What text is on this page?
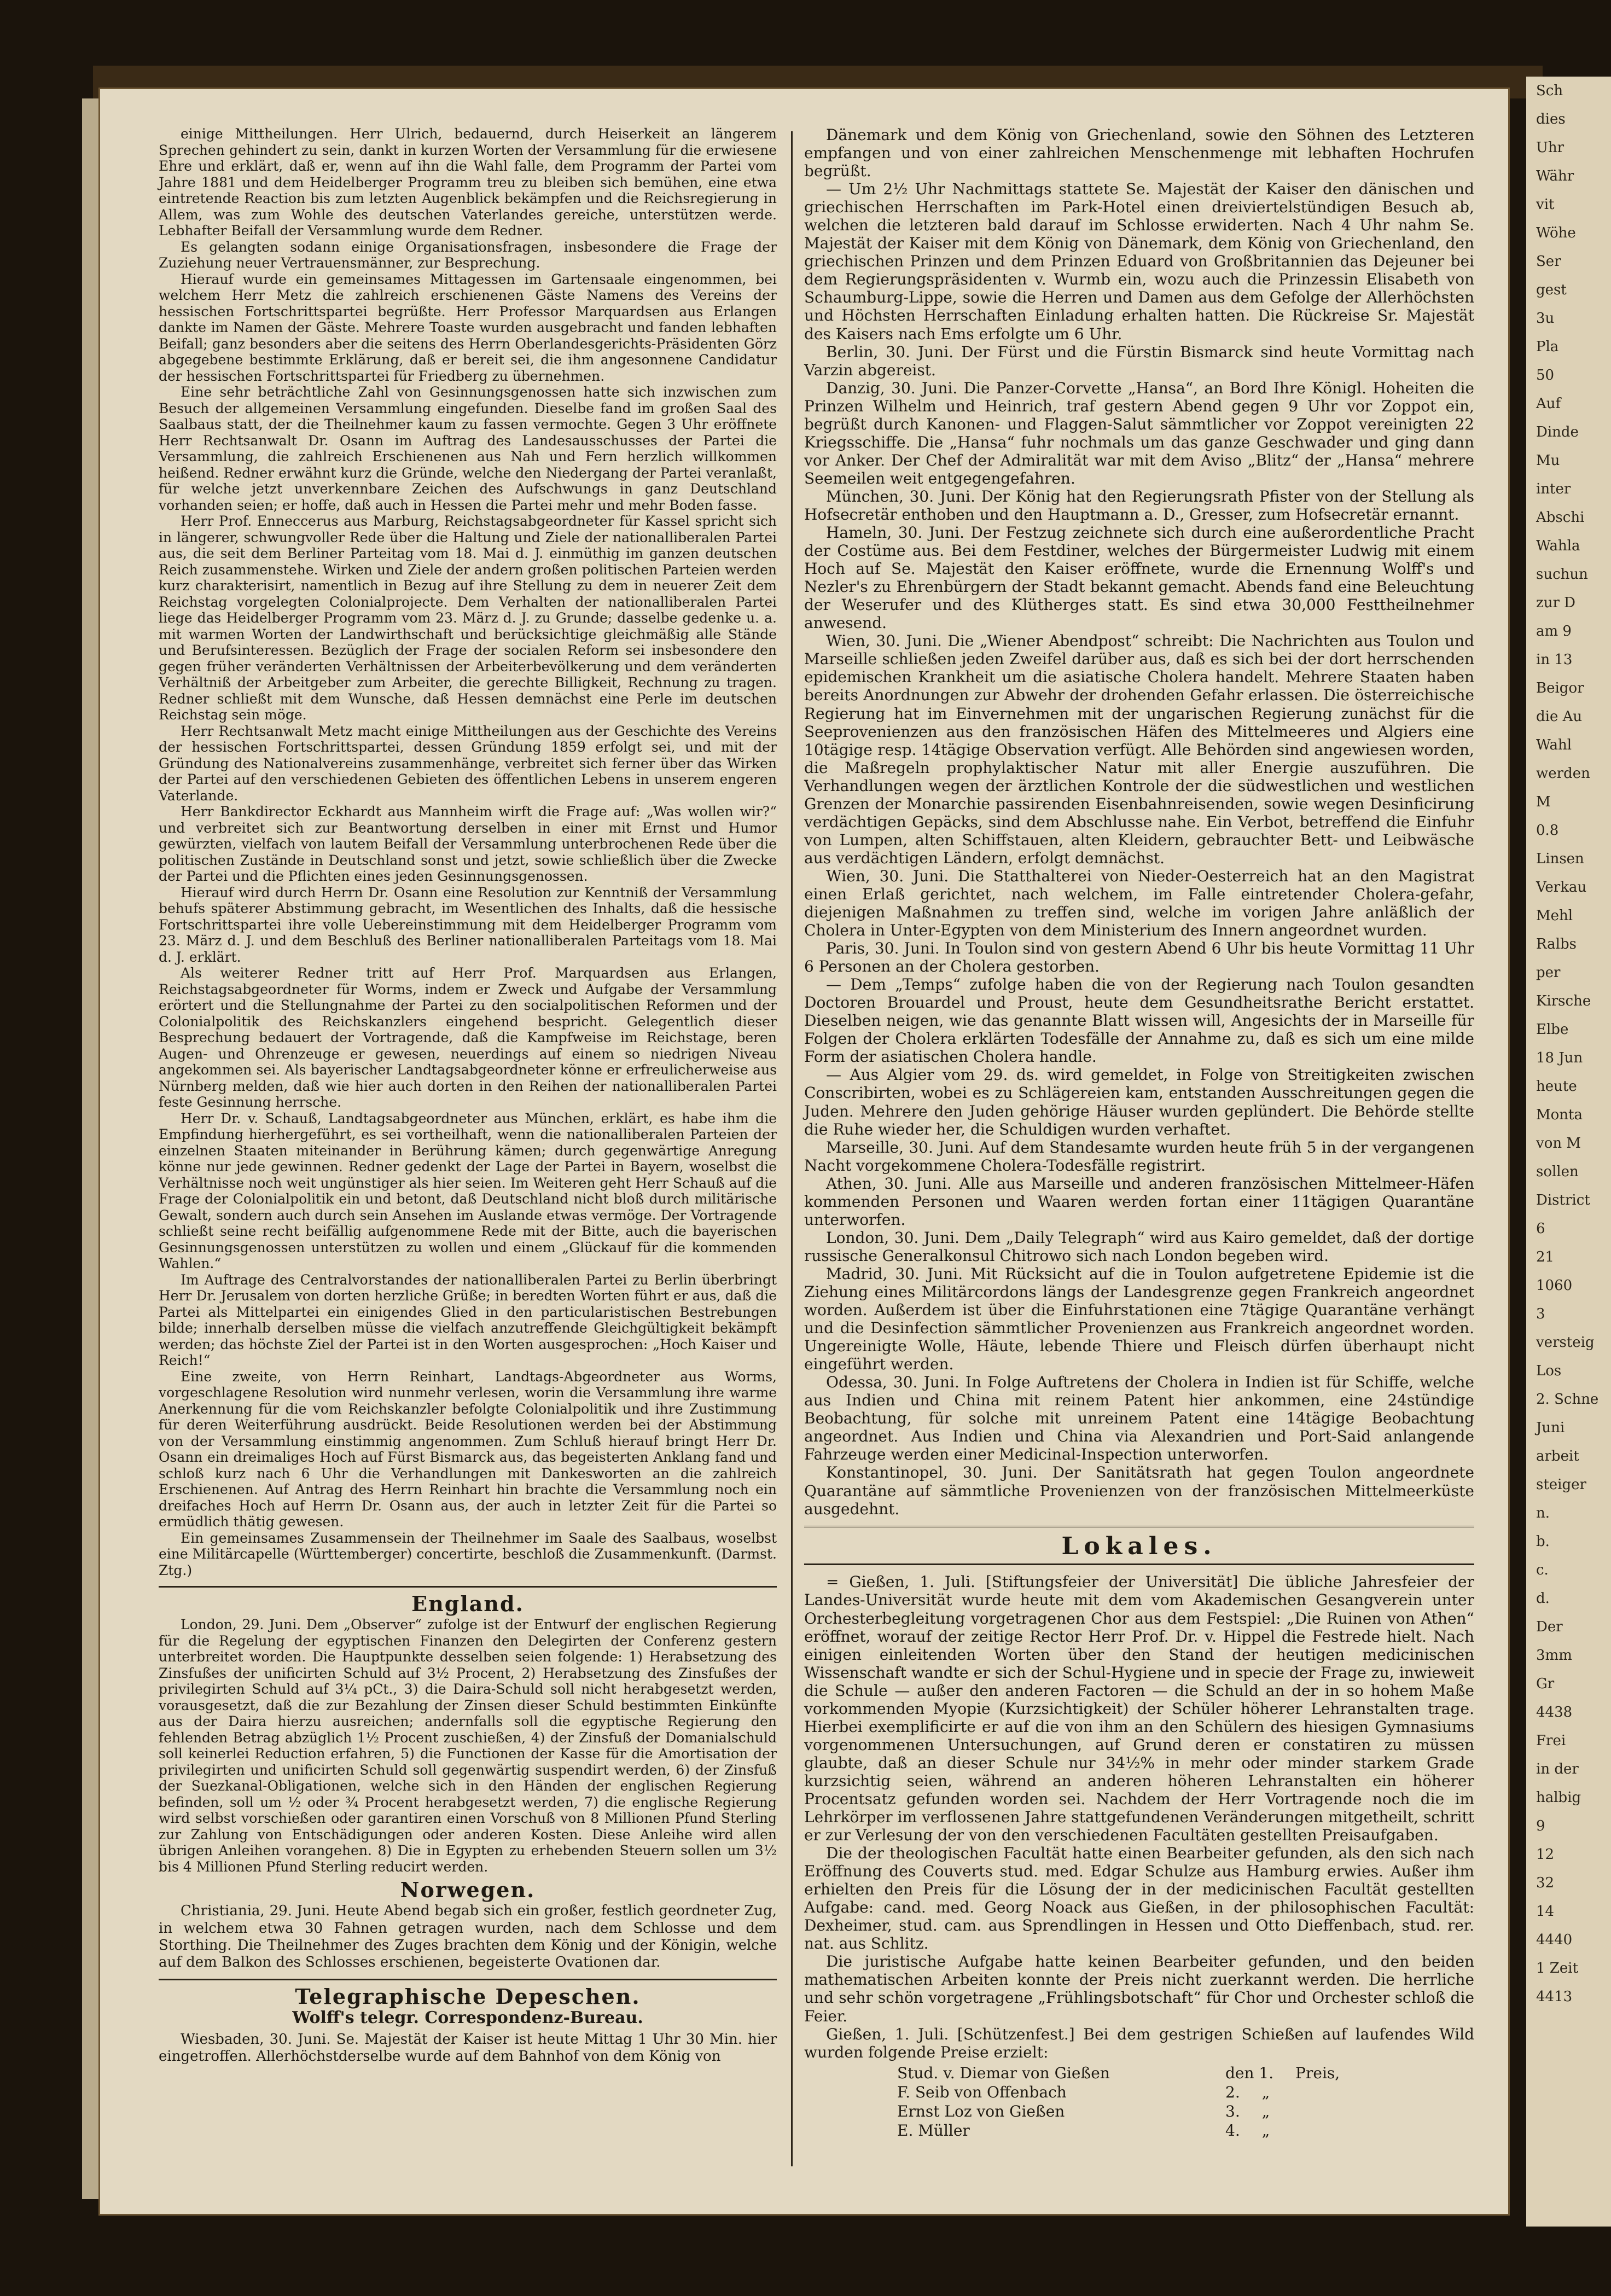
Sch
dies
Uhr
Währ
vit
Wöhe
Ser
gest
3u
Pla
50
Auf
Dinde
Mu
inter
Abschi
Wahla
suchun
zur D
am 9
in 13
Beigor
die Au
Wahl
werden
M
0.8
Linsen
Verkau
Mehl
Ralbs
per
Kirsche
Elbe
18 Jun
heute
Monta
von M
sollen
District
6
21
1060
3
versteig
Los
2. Schne
Juni
arbeit
steiger
n.
b.
c.
d.
Der
3mm
Gr
4438
Frei
in der
halbig
9
12
32
14
4440
1 Zeit
4413

einige Mittheilungen. Herr Ulrich, bedauernd, durch Heiserkeit an längerem Sprechen gehindert zu sein, dankt in kurzen Worten der Versammlung für die erwiesene Ehre und erklärt, daß er, wenn auf ihn die Wahl falle, dem Programm der Partei vom Jahre 1881 und dem Heidelberger Programm treu zu bleiben sich bemühen, eine etwa eintretende Reaction bis zum letzten Augenblick bekämpfen und die Reichsregierung in Allem, was zum Wohle des deutschen Vaterlandes gereiche, unterstützen werde. Lebhafter Beifall der Versammlung wurde dem Redner.

Es gelangten sodann einige Organisationsfragen, insbesondere die Frage der Zuziehung neuer Vertrauensmänner, zur Besprechung.

Hierauf wurde ein gemeinsames Mittagessen im Gartensaale eingenommen, bei welchem Herr Metz die zahlreich erschienenen Gäste Namens des Vereins der hessischen Fortschrittspartei begrüßte. Herr Professor Marquardsen aus Erlangen dankte im Namen der Gäste. Mehrere Toaste wurden ausgebracht und fanden lebhaften Beifall; ganz besonders aber die seitens des Herrn Oberlandesgerichts-Präsidenten Görz abgegebene bestimmte Erklärung, daß er bereit sei, die ihm angesonnene Candidatur der hessischen Fortschrittspartei für Friedberg zu übernehmen.

Eine sehr beträchtliche Zahl von Gesinnungsgenossen hatte sich inzwischen zum Besuch der allgemeinen Versammlung eingefunden. Dieselbe fand im großen Saal des Saalbaus statt, der die Theilnehmer kaum zu fassen vermochte. Gegen 3 Uhr eröffnete Herr Rechtsanwalt Dr. Osann im Auftrag des Landesausschusses der Partei die Versammlung, die zahlreich Erschienenen aus Nah und Fern herzlich willkommen heißend. Redner erwähnt kurz die Gründe, welche den Niedergang der Partei veranlaßt, für welche jetzt unverkennbare Zeichen des Aufschwungs in ganz Deutschland vorhanden seien; er hoffe, daß auch in Hessen die Partei mehr und mehr Boden fasse.

Herr Prof. Enneccerus aus Marburg, Reichstagsabgeordneter für Kassel spricht sich in längerer, schwungvoller Rede über die Haltung und Ziele der nationalliberalen Partei aus, die seit dem Berliner Parteitag vom 18. Mai d. J. einmüthig im ganzen deutschen Reich zusammenstehe. Wirken und Ziele der andern großen politischen Parteien werden kurz charakterisirt, namentlich in Bezug auf ihre Stellung zu dem in neuerer Zeit dem Reichstag vorgelegten Colonialprojecte. Dem Verhalten der nationalliberalen Partei liege das Heidelberger Programm vom 23. März d. J. zu Grunde; dasselbe gedenke u. a. mit warmen Worten der Landwirthschaft und berücksichtige gleichmäßig alle Stände und Berufsinteressen. Bezüglich der Frage der socialen Reform sei insbesondere den gegen früher veränderten Verhältnissen der Arbeiterbevölkerung und dem veränderten Verhältniß der Arbeitgeber zum Arbeiter, die gerechte Billigkeit, Rechnung zu tragen. Redner schließt mit dem Wunsche, daß Hessen demnächst eine Perle im deutschen Reichstag sein möge.

Herr Rechtsanwalt Metz macht einige Mittheilungen aus der Geschichte des Vereins der hessischen Fortschrittspartei, dessen Gründung 1859 erfolgt sei, und mit der Gründung des Nationalvereins zusammenhänge, verbreitet sich ferner über das Wirken der Partei auf den verschiedenen Gebieten des öffentlichen Lebens in unserem engeren Vaterlande.

Herr Bankdirector Eckhardt aus Mannheim wirft die Frage auf: „Was wollen wir?“ und verbreitet sich zur Beantwortung derselben in einer mit Ernst und Humor gewürzten, vielfach von lautem Beifall der Versammlung unterbrochenen Rede über die politischen Zustände in Deutschland sonst und jetzt, sowie schließlich über die Zwecke der Partei und die Pflichten eines jeden Gesinnungsgenossen.

Hierauf wird durch Herrn Dr. Osann eine Resolution zur Kenntniß der Versammlung behufs späterer Abstimmung gebracht, im Wesentlichen des Inhalts, daß die hessische Fortschrittspartei ihre volle Uebereinstimmung mit dem Heidelberger Programm vom 23. März d. J. und dem Beschluß des Berliner nationalliberalen Parteitags vom 18. Mai d. J. erklärt.

Als weiterer Redner tritt auf Herr Prof. Marquardsen aus Erlangen, Reichstagsabgeordneter für Worms, indem er Zweck und Aufgabe der Versammlung erörtert und die Stellungnahme der Partei zu den socialpolitischen Reformen und der Colonialpolitik des Reichskanzlers eingehend bespricht. Gelegentlich dieser Besprechung bedauert der Vortragende, daß die Kampfweise im Reichstage, beren Augen- und Ohrenzeuge er gewesen, neuerdings auf einem so niedrigen Niveau angekommen sei. Als bayerischer Landtagsabgeordneter könne er erfreulicherweise aus Nürnberg melden, daß wie hier auch dorten in den Reihen der nationalliberalen Partei feste Gesinnung herrsche.

Herr Dr. v. Schauß, Landtagsabgeordneter aus München, erklärt, es habe ihm die Empfindung hierhergeführt, es sei vortheilhaft, wenn die nationalliberalen Parteien der einzelnen Staaten miteinander in Berührung kämen; durch gegenwärtige Anregung könne nur jede gewinnen. Redner gedenkt der Lage der Partei in Bayern, woselbst die Verhältnisse noch weit ungünstiger als hier seien. Im Weiteren geht Herr Schauß auf die Frage der Colonialpolitik ein und betont, daß Deutschland nicht bloß durch militärische Gewalt, sondern auch durch sein Ansehen im Auslande etwas vermöge. Der Vortragende schließt seine recht beifällig aufgenommene Rede mit der Bitte, auch die bayerischen Gesinnungsgenossen unterstützen zu wollen und einem „Glückauf für die kommenden Wahlen.“

Im Auftrage des Centralvorstandes der nationalliberalen Partei zu Berlin überbringt Herr Dr. Jerusalem von dorten herzliche Grüße; in beredten Worten führt er aus, daß die Partei als Mittelpartei ein einigendes Glied in den particularistischen Bestrebungen bilde; innerhalb derselben müsse die vielfach anzutreffende Gleichgültigkeit bekämpft werden; das höchste Ziel der Partei ist in den Worten ausgesprochen: „Hoch Kaiser und Reich!“

Eine zweite, von Herrn Reinhart, Landtags-Abgeordneter aus Worms, vorgeschlagene Resolution wird nunmehr verlesen, worin die Versammlung ihre warme Anerkennung für die vom Reichskanzler befolgte Colonialpolitik und ihre Zustimmung für deren Weiterführung ausdrückt. Beide Resolutionen werden bei der Abstimmung von der Versammlung einstimmig angenommen. Zum Schluß hierauf bringt Herr Dr. Osann ein dreimaliges Hoch auf Fürst Bismarck aus, das begeisterten Anklang fand und schloß kurz nach 6 Uhr die Verhandlungen mit Dankesworten an die zahlreich Erschienenen. Auf Antrag des Herrn Reinhart hin brachte die Versammlung noch ein dreifaches Hoch auf Herrn Dr. Osann aus, der auch in letzter Zeit für die Partei so ermüdlich thätig gewesen.

Ein gemeinsames Zusammensein der Theilnehmer im Saale des Saalbaus, woselbst eine Militärcapelle (Württemberger) concertirte, beschloß die Zusammenkunft. (Darmst. Ztg.)

England.

London, 29. Juni. Dem „Observer“ zufolge ist der Entwurf der englischen Regierung für die Regelung der egyptischen Finanzen den Delegirten der Conferenz gestern unterbreitet worden. Die Hauptpunkte desselben seien folgende: 1) Herabsetzung des Zinsfußes der unificirten Schuld auf 3½ Procent, 2) Herabsetzung des Zinsfußes der privilegirten Schuld auf 3¼ pCt., 3) die Daira-Schuld soll nicht herabgesetzt werden, vorausgesetzt, daß die zur Bezahlung der Zinsen dieser Schuld bestimmten Einkünfte aus der Daira hierzu ausreichen; andernfalls soll die egyptische Regierung den fehlenden Betrag abzüglich 1½ Procent zuschießen, 4) der Zinsfuß der Domanialschuld soll keinerlei Reduction erfahren, 5) die Functionen der Kasse für die Amortisation der privilegirten und unificirten Schuld soll gegenwärtig suspendirt werden, 6) der Zinsfuß der Suezkanal-Obligationen, welche sich in den Händen der englischen Regierung befinden, soll um ½ oder ¾ Procent herabgesetzt werden, 7) die englische Regierung wird selbst vorschießen oder garantiren einen Vorschuß von 8 Millionen Pfund Sterling zur Zahlung von Entschädigungen oder anderen Kosten. Diese Anleihe wird allen übrigen Anleihen vorangehen. 8) Die in Egypten zu erhebenden Steuern sollen um 3½ bis 4 Millionen Pfund Sterling reducirt werden.

Norwegen.

Christiania, 29. Juni. Heute Abend begab sich ein großer, festlich geordneter Zug, in welchem etwa 30 Fahnen getragen wurden, nach dem Schlosse und dem Storthing. Die Theilnehmer des Zuges brachten dem König und der Königin, welche auf dem Balkon des Schlosses erschienen, begeisterte Ovationen dar.

Telegraphische Depeschen.
Wolff's telegr. Correspondenz-Bureau.

Wiesbaden, 30. Juni. Se. Majestät der Kaiser ist heute Mittag 1 Uhr 30 Min. hier eingetroffen. Allerhöchstderselbe wurde auf dem Bahnhof von dem König von

Dänemark und dem König von Griechenland, sowie den Söhnen des Letzteren empfangen und von einer zahlreichen Menschenmenge mit lebhaften Hochrufen begrüßt.

— Um 2½ Uhr Nachmittags stattete Se. Majestät der Kaiser den dänischen und griechischen Herrschaften im Park-Hotel einen dreiviertelstündigen Besuch ab, welchen die letzteren bald darauf im Schlosse erwiderten. Nach 4 Uhr nahm Se. Majestät der Kaiser mit dem König von Dänemark, dem König von Griechenland, den griechischen Prinzen und dem Prinzen Eduard von Großbritannien das Dejeuner bei dem Regierungspräsidenten v. Wurmb ein, wozu auch die Prinzessin Elisabeth von Schaumburg-Lippe, sowie die Herren und Damen aus dem Gefolge der Allerhöchsten und Höchsten Herrschaften Einladung erhalten hatten. Die Rückreise Sr. Majestät des Kaisers nach Ems erfolgte um 6 Uhr.

Berlin, 30. Juni. Der Fürst und die Fürstin Bismarck sind heute Vormittag nach Varzin abgereist.

Danzig, 30. Juni. Die Panzer-Corvette „Hansa“, an Bord Ihre Königl. Hoheiten die Prinzen Wilhelm und Heinrich, traf gestern Abend gegen 9 Uhr vor Zoppot ein, begrüßt durch Kanonen- und Flaggen-Salut sämmtlicher vor Zoppot vereinigten 22 Kriegsschiffe. Die „Hansa“ fuhr nochmals um das ganze Geschwader und ging dann vor Anker. Der Chef der Admiralität war mit dem Aviso „Blitz“ der „Hansa“ mehrere Seemeilen weit entgegengefahren.

München, 30. Juni. Der König hat den Regierungsrath Pfister von der Stellung als Hofsecretär enthoben und den Hauptmann a. D., Gresser, zum Hofsecretär ernannt.

Hameln, 30. Juni. Der Festzug zeichnete sich durch eine außerordentliche Pracht der Costüme aus. Bei dem Festdiner, welches der Bürgermeister Ludwig mit einem Hoch auf Se. Majestät den Kaiser eröffnete, wurde die Ernennung Wolff's und Nezler's zu Ehrenbürgern der Stadt bekannt gemacht. Abends fand eine Beleuchtung der Weserufer und des Klütherges statt. Es sind etwa 30,000 Festtheilnehmer anwesend.

Wien, 30. Juni. Die „Wiener Abendpost“ schreibt: Die Nachrichten aus Toulon und Marseille schließen jeden Zweifel darüber aus, daß es sich bei der dort herrschenden epidemischen Krankheit um die asiatische Cholera handelt. Mehrere Staaten haben bereits Anordnungen zur Abwehr der drohenden Gefahr erlassen. Die österreichische Regierung hat im Einvernehmen mit der ungarischen Regierung zunächst für die Seeprovenienzen aus den französischen Häfen des Mittelmeeres und Algiers eine 10tägige resp. 14tägige Observation verfügt. Alle Behörden sind angewiesen worden, die Maßregeln prophylaktischer Natur mit aller Energie auszuführen. Die Verhandlungen wegen der ärztlichen Kontrole der die südwestlichen und westlichen Grenzen der Monarchie passirenden Eisenbahnreisenden, sowie wegen Desinficirung verdächtigen Gepäcks, sind dem Abschlusse nahe. Ein Verbot, betreffend die Einfuhr von Lumpen, alten Schiffstauen, alten Kleidern, gebrauchter Bett- und Leibwäsche aus verdächtigen Ländern, erfolgt demnächst.

Wien, 30. Juni. Die Statthalterei von Nieder-Oesterreich hat an den Magistrat einen Erlaß gerichtet, nach welchem, im Falle eintretender Cholera-gefahr, diejenigen Maßnahmen zu treffen sind, welche im vorigen Jahre anläßlich der Cholera in Unter-Egypten von dem Ministerium des Innern angeordnet wurden.

Paris, 30. Juni. In Toulon sind von gestern Abend 6 Uhr bis heute Vormittag 11 Uhr 6 Personen an der Cholera gestorben.

— Dem „Temps“ zufolge haben die von der Regierung nach Toulon gesandten Doctoren Brouardel und Proust, heute dem Gesundheitsrathe Bericht erstattet. Dieselben neigen, wie das genannte Blatt wissen will, Angesichts der in Marseille für Folgen der Cholera erklärten Todesfälle der Annahme zu, daß es sich um eine milde Form der asiatischen Cholera handle.

— Aus Algier vom 29. ds. wird gemeldet, in Folge von Streitigkeiten zwischen Conscribirten, wobei es zu Schlägereien kam, entstanden Ausschreitungen gegen die Juden. Mehrere den Juden gehörige Häuser wurden geplündert. Die Behörde stellte die Ruhe wieder her, die Schuldigen wurden verhaftet.

Marseille, 30. Juni. Auf dem Standesamte wurden heute früh 5 in der vergangenen Nacht vorgekommene Cholera-Todesfälle registrirt.

Athen, 30. Juni. Alle aus Marseille und anderen französischen Mittelmeer-Häfen kommenden Personen und Waaren werden fortan einer 11tägigen Quarantäne unterworfen.

London, 30. Juni. Dem „Daily Telegraph“ wird aus Kairo gemeldet, daß der dortige russische Generalkonsul Chitrowo sich nach London begeben wird.

Madrid, 30. Juni. Mit Rücksicht auf die in Toulon aufgetretene Epidemie ist die Ziehung eines Militärcordons längs der Landesgrenze gegen Frankreich angeordnet worden. Außerdem ist über die Einfuhrstationen eine 7tägige Quarantäne verhängt und die Desinfection sämmtlicher Provenienzen aus Frankreich angeordnet worden. Ungereinigte Wolle, Häute, lebende Thiere und Fleisch dürfen überhaupt nicht eingeführt werden.

Odessa, 30. Juni. In Folge Auftretens der Cholera in Indien ist für Schiffe, welche aus Indien und China mit reinem Patent hier ankommen, eine 24stündige Beobachtung, für solche mit unreinem Patent eine 14tägige Beobachtung angeordnet. Aus Indien und China via Alexandrien und Port-Said anlangende Fahrzeuge werden einer Medicinal-Inspection unterworfen.

Konstantinopel, 30. Juni. Der Sanitätsrath hat gegen Toulon angeordnete Quarantäne auf sämmtliche Provenienzen von der französischen Mittelmeerküste ausgedehnt.

Lokales.

= Gießen, 1. Juli. [Stiftungsfeier der Universität] Die übliche Jahresfeier der Landes-Universität wurde heute mit dem vom Akademischen Gesangverein unter Orchesterbegleitung vorgetragenen Chor aus dem Festspiel: „Die Ruinen von Athen“ eröffnet, worauf der zeitige Rector Herr Prof. Dr. v. Hippel die Festrede hielt. Nach einigen einleitenden Worten über den Stand der heutigen medicinischen Wissenschaft wandte er sich der Schul-Hygiene und in specie der Frage zu, inwieweit die Schule — außer den anderen Factoren — die Schuld an der in so hohem Maße vorkommenden Myopie (Kurzsichtigkeit) der Schüler höherer Lehranstalten trage. Hierbei exemplificirte er auf die von ihm an den Schülern des hiesigen Gymnasiums vorgenommenen Untersuchungen, auf Grund deren er constatiren zu müssen glaubte, daß an dieser Schule nur 34½% in mehr oder minder starkem Grade kurzsichtig seien, während an anderen höheren Lehranstalten ein höherer Procentsatz gefunden worden sei. Nachdem der Herr Vortragende noch die im Lehrkörper im verflossenen Jahre stattgefundenen Veränderungen mitgetheilt, schritt er zur Verlesung der von den verschiedenen Facultäten gestellten Preisaufgaben.

Die der theologischen Facultät hatte einen Bearbeiter gefunden, als den sich nach Eröffnung des Couverts stud. med. Edgar Schulze aus Hamburg erwies. Außer ihm erhielten den Preis für die Lösung der in der medicinischen Facultät gestellten Aufgabe: cand. med. Georg Noack aus Gießen, in der philosophischen Facultät: Dexheimer, stud. cam. aus Sprendlingen in Hessen und Otto Dieffenbach, stud. rer. nat. aus Schlitz.

Die juristische Aufgabe hatte keinen Bearbeiter gefunden, und den beiden mathematischen Arbeiten konnte der Preis nicht zuerkannt werden. Die herrliche und sehr schön vorgetragene „Frühlingsbotschaft“ für Chor und Orchester schloß die Feier.

Gießen, 1. Juli. [Schützenfest.] Bei dem gestrigen Schießen auf laufendes Wild wurden folgende Preise erzielt:

Stud. v. Diemar von Gießen	den 1. Preis,
F. Seib von Offenbach	2. „
Ernst Loz von Gießen	3. „
E. Müller	4. „
